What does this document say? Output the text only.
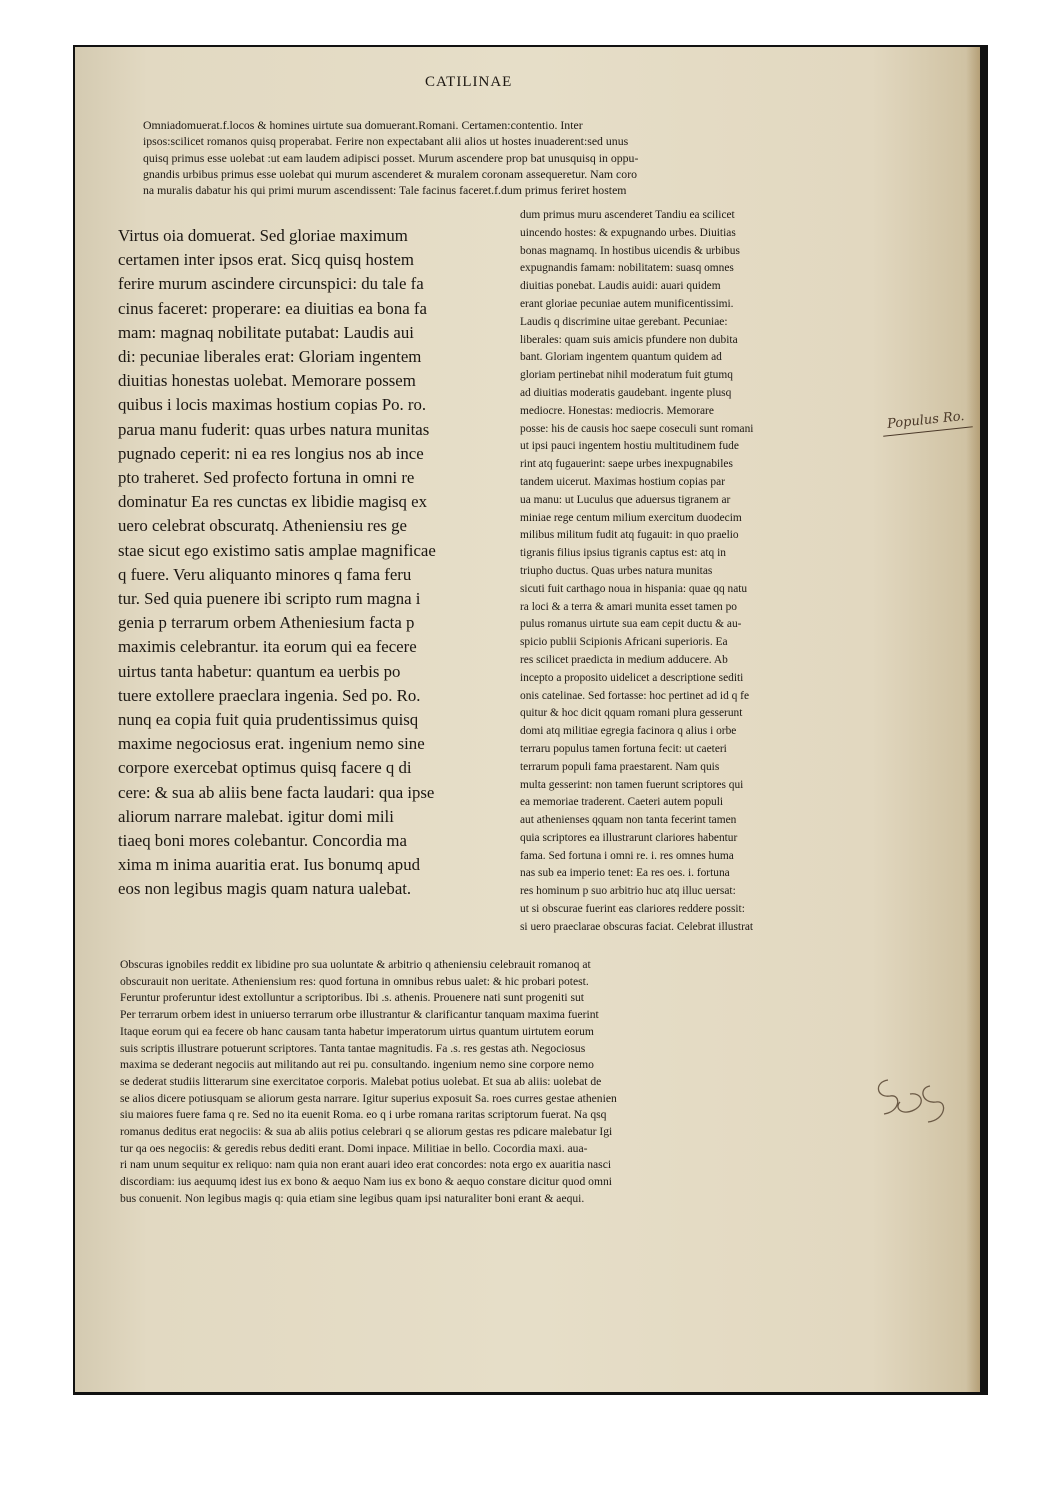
CATILINAE
Omniadomuerat.f.locos & homines uirtute sua domuerant.Romani. Certamen:contentio. Inter
ipsos:scilicet romanos quisq properabat. Ferire non expectabant alii alios ut hostes inuaderent:sed unus
quisq primus esse uolebat :ut eam laudem adipisci posset. Murum ascendere prop bat unusquisq in oppu-
gnandis urbibus primus esse uolebat qui murum ascenderet & muralem coronam assequeretur. Nam coro
na muralis dabatur his qui primi murum ascendissent: Tale facinus faceret.f.dum primus feriret hostem
Virtus oia domuerat. Sed gloriae maximum
certamen inter ipsos erat. Sicq quisq hostem
ferire murum ascindere circunspici: du tale fa
cinus faceret: properare: ea diuitias ea bona fa
mam: magnaq nobilitate putabat: Laudis aui
di: pecuniae liberales erat: Gloriam ingentem
diuitias honestas uolebat. Memorare possem
quibus i locis maximas hostium copias Po. ro.
parua manu fuderit: quas urbes natura munitas
pugnado ceperit: ni ea res longius nos ab ince
pto traheret. Sed profecto fortuna in omni re
dominatur Ea res cunctas ex libidie magisq ex
uero celebrat obscuratq. Atheniensiu res ge
stae sicut ego existimo satis amplae magnificae
q fuere. Veru aliquanto minores q fama feru
tur. Sed quia puenere ibi scripto rum magna i
genia p terrarum orbem Atheniesium facta p
maximis celebrantur. ita eorum qui ea fecere
uirtus tanta habetur: quantum ea uerbis po
tuere extollere praeclara ingenia. Sed po. Ro.
nunq ea copia fuit quia prudentissimus quisq
maxime negociosus erat. ingenium nemo sine
corpore exercebat optimus quisq facere q di
cere: & sua ab aliis bene facta laudari: qua ipse
aliorum narrare malebat. igitur domi mili
tiaeq boni mores colebantur. Concordia ma
xima m inima auaritia erat. Ius bonumq apud
eos non legibus magis quam natura ualebat.
dum primus muru ascenderet Tandiu ea scilicet
uincendo hostes: & expugnando urbes. Diuitias
bonas magnamq. In hostibus uicendis & urbibus
expugnandis famam: nobilitatem: suasq omnes
diuitias ponebat. Laudis auidi: auari quidem
erant gloriae pecuniae autem munificentissimi.
Laudis q discrimine uitae gerebant. Pecuniae:
liberales: quam suis amicis pfundere non dubita
bant. Gloriam ingentem quantum quidem ad
gloriam pertinebat nihil moderatum fuit gtumq
ad diuitias moderatis gaudebant. ingente plusq
mediocre. Honestas: mediocris. Memorare
posse: his de causis hoc saepe coseculi sunt romani
ut ipsi pauci ingentem hostiu multitudinem fude
rint atq fugauerint: saepe urbes inexpugnabiles
tandem uicerut. Maximas hostium copias par
ua manu: ut Luculus que aduersus tigranem ar
miniae rege centum milium exercitum duodecim
milibus militum fudit atq fugauit: in quo praelio
tigranis filius ipsius tigranis captus est: atq in
triupho ductus. Quas urbes natura munitas
sicuti fuit carthago noua in hispania: quae qq natu
ra loci & a terra & amari munita esset tamen po
pulus romanus uirtute sua eam cepit ductu & au-
spicio publii Scipionis Africani superioris. Ea
res scilicet praedicta in medium adducere. Ab
incepto a proposito uidelicet a descriptione sediti
onis catelinae. Sed fortasse: hoc pertinet ad id q fe
quitur & hoc dicit qquam romani plura gesserunt
domi atq militiae egregia facinora q alius i orbe
terraru populus tamen fortuna fecit: ut caeteri
terrarum populi fama praestarent. Nam quis
multa gesserint: non tamen fuerunt scriptores qui
ea memoriae traderent. Caeteri autem populi
aut athenienses qquam non tanta fecerint tamen
quia scriptores ea illustrarunt clariores habentur
fama. Sed fortuna i omni re. i. res omnes huma
nas sub ea imperio tenet: Ea res oes. i. fortuna
res hominum p suo arbitrio huc atq illuc uersat:
ut si obscurae fuerint eas clariores reddere possit:
si uero praeclarae obscuras faciat. Celebrat illustrat
Obscuras ignobiles reddit ex libidine pro sua uoluntate & arbitrio q atheniensiu celebrauit romanoq at
obscurauit non ueritate. Atheniensium res: quod fortuna in omnibus rebus ualet: & hic probari potest.
Feruntur proferuntur idest extolluntur a scriptoribus. Ibi .s. athenis. Prouenere nati sunt progeniti sut
Per terrarum orbem idest in uniuerso terrarum orbe illustrantur & clarificantur tanquam maxima fuerint
Itaque eorum qui ea fecere ob hanc causam tanta habetur imperatorum uirtus quantum uirtutem eorum
suis scriptis illustrare potuerunt scriptores. Tanta tantae magnitudis. Fa .s. res gestas ath. Negociosus
maxima se dederant negociis aut militando aut rei pu. consultando. ingenium nemo sine corpore nemo
se dederat studiis litterarum sine exercitatoe corporis. Malebat potius uolebat. Et sua ab aliis: uolebat de
se alios dicere potiusquam se aliorum gesta narrare. Igitur superius exposuit Sa. roes curres gestae athenien
siu maiores fuere fama q re. Sed no ita euenit Roma. eo q i urbe romana raritas scriptorum fuerat. Na qsq
romanus deditus erat negociis: & sua ab aliis potius celebrari q se aliorum gestas res pdicare malebatur Igi
tur qa oes negociis: & geredis rebus dediti erant. Domi inpace. Militiae in bello. Cocordia maxi. aua-
ri nam unum sequitur ex reliquo: nam quia non erant auari ideo erat concordes: nota ergo ex auaritia nasci
discordiam: ius aequumq idest ius ex bono & aequo Nam ius ex bono & aequo constare dicitur quod omni
bus conuenit. Non legibus magis q: quia etiam sine legibus quam ipsi naturaliter boni erant & aequi.
Populus Ro.
